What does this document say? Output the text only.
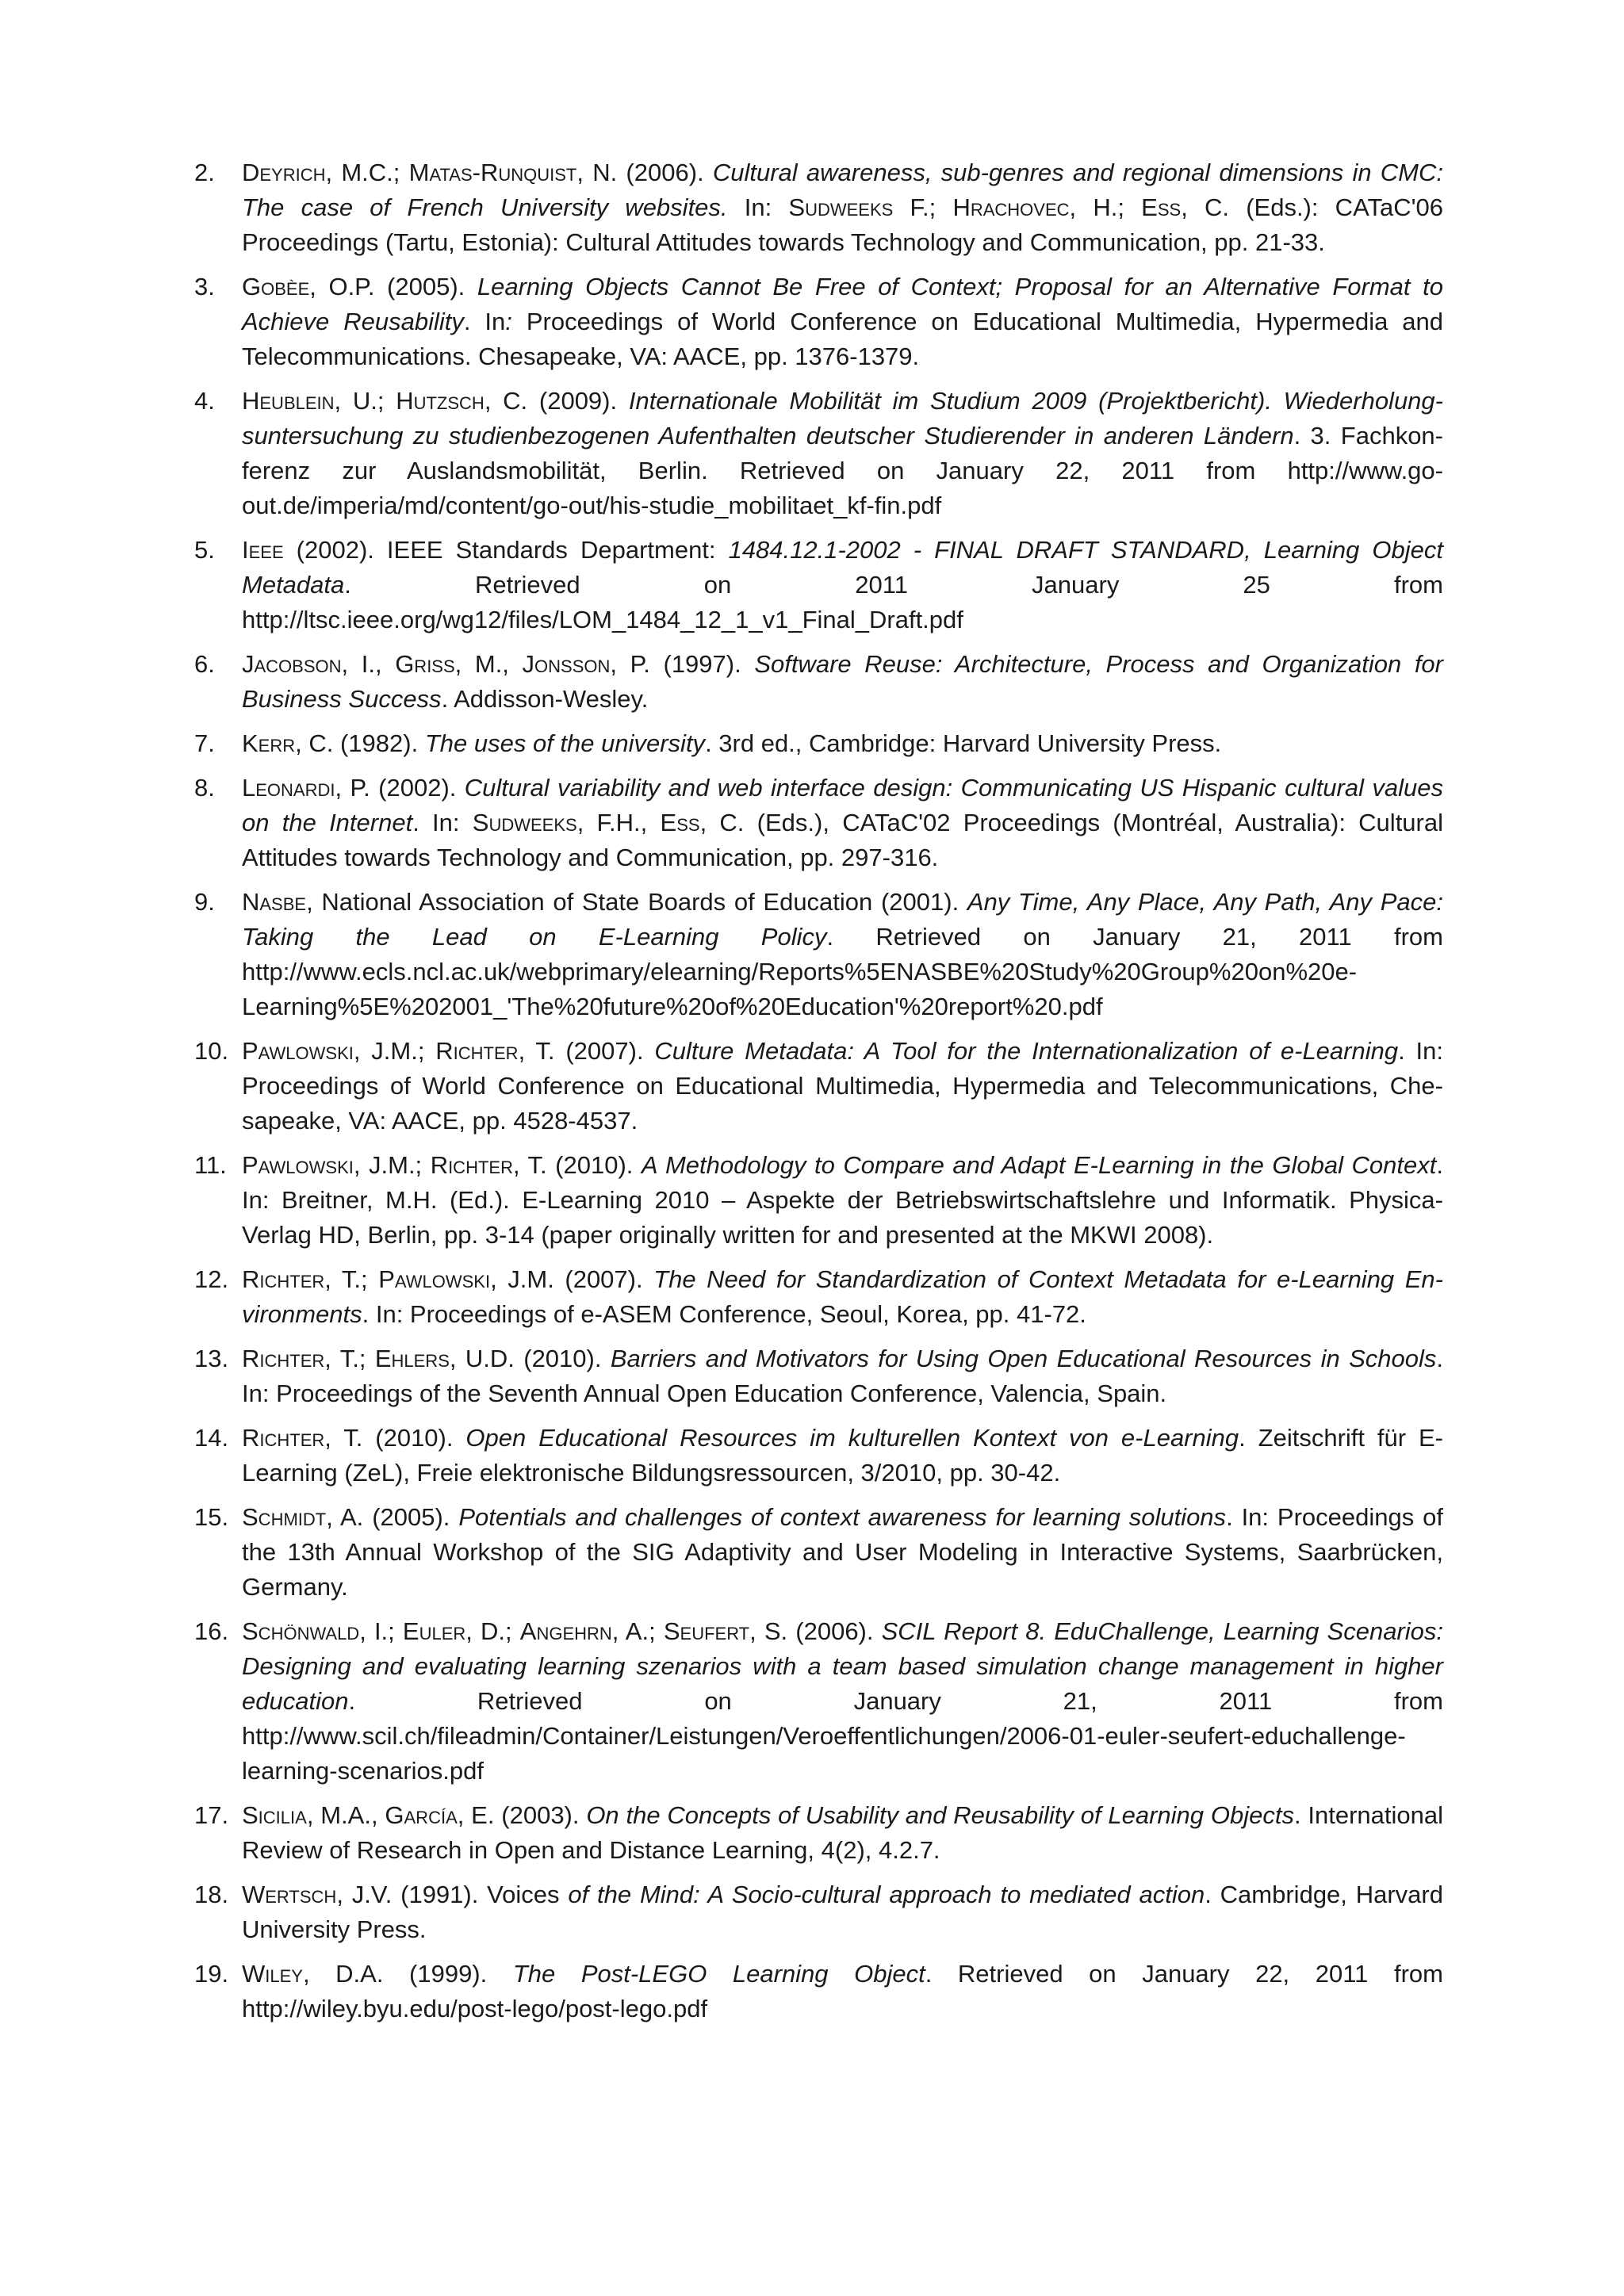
2.	Deyrich, M.C.; Matas-Runquist, N. (2006). Cultural awareness, sub-genres and regional dimensions in CMC: The case of French University websites. In: Sudweeks F.; Hrachovec, H.; Ess, C. (Eds.): CATaC'06 Proceedings (Tartu, Estonia): Cultural Attitudes towards Technology and Communication, pp. 21-33.
3.	Gobèe, O.P. (2005). Learning Objects Cannot Be Free of Context; Proposal for an Alternative Format to Achieve Reusability. In: Proceedings of World Conference on Educational Multimedia, Hypermedia and Telecommunications. Chesapeake, VA: AACE, pp. 1376-1379.
4.	Heublein, U.; Hutzsch, C. (2009). Internationale Mobilität im Studium 2009 (Projektbericht). Wiederholungsuntersuchung zu studienbezogenen Aufenthalten deutscher Studierender in anderen Ländern. 3. Fachkonferenz zur Auslandsmobilität, Berlin. Retrieved on January 22, 2011 from http://www.go-out.de/imperia/md/content/go-out/his-studie_mobilitaet_kf-fin.pdf
5.	Ieee (2002). IEEE Standards Department: 1484.12.1-2002 - FINAL DRAFT STANDARD, Learning Object Metadata. Retrieved on 2011 January 25 from http://ltsc.ieee.org/wg12/files/LOM_1484_12_1_v1_Final_Draft.pdf
6.	Jacobson, I., Griss, M., Jonsson, P. (1997). Software Reuse: Architecture, Process and Organization for Business Success. Addisson-Wesley.
7.	Kerr, C. (1982). The uses of the university. 3rd ed., Cambridge: Harvard University Press.
8.	Leonardi, P. (2002). Cultural variability and web interface design: Communicating US Hispanic cultural values on the Internet. In: Sudweeks, F.H., Ess, C. (Eds.), CATaC'02 Proceedings (Montréal, Australia): Cultural Attitudes towards Technology and Communication, pp. 297-316.
9.	Nasbe, National Association of State Boards of Education (2001). Any Time, Any Place, Any Path, Any Pace: Taking the Lead on E-Learning Policy. Retrieved on January 21, 2011 from http://www.ecls.ncl.ac.uk/webprimary/elearning/Reports%5ENASBE%20Study%20Group%20on%20e-Learning%5E%202001_'The%20future%20of%20Education'%20report%20.pdf
10. Pawlowski, J.M.; Richter, T. (2007). Culture Metadata: A Tool for the Internationalization of e-Learning. In: Proceedings of World Conference on Educational Multimedia, Hypermedia and Telecommunications, Chesapeake, VA: AACE, pp. 4528-4537.
11. Pawlowski, J.M.; Richter, T. (2010). A Methodology to Compare and Adapt E-Learning in the Global Context. In: Breitner, M.H. (Ed.). E-Learning 2010 – Aspekte der Betriebswirtschaftslehre und Informatik. Physica-Verlag HD, Berlin, pp. 3-14 (paper originally written for and presented at the MKWI 2008).
12. Richter, T.; Pawlowski, J.M. (2007). The Need for Standardization of Context Metadata for e-Learning Environments. In: Proceedings of e-ASEM Conference, Seoul, Korea, pp. 41-72.
13. Richter, T.; Ehlers, U.D. (2010). Barriers and Motivators for Using Open Educational Resources in Schools. In: Proceedings of the Seventh Annual Open Education Conference, Valencia, Spain.
14. Richter, T. (2010). Open Educational Resources im kulturellen Kontext von e-Learning. Zeitschrift für E-Learning (ZeL), Freie elektronische Bildungsressourcen, 3/2010, pp. 30-42.
15. Schmidt, A. (2005). Potentials and challenges of context awareness for learning solutions. In: Proceedings of the 13th Annual Workshop of the SIG Adaptivity and User Modeling in Interactive Systems, Saarbrücken, Germany.
16. Schönwald, I.; Euler, D.; Angehrn, A.; Seufert, S. (2006). SCIL Report 8. EduChallenge, Learning Scenarios: Designing and evaluating learning szenarios with a team based simulation change management in higher education. Retrieved on January 21, 2011 from http://www.scil.ch/fileadmin/Container/Leistungen/Veroeffentlichungen/2006-01-euler-seufert-educhallenge-learning-scenarios.pdf
17. Sicilia, M.A., García, E. (2003). On the Concepts of Usability and Reusability of Learning Objects. International Review of Research in Open and Distance Learning, 4(2), 4.2.7.
18. Wertsch, J.V. (1991). Voices of the Mind: A Socio-cultural approach to mediated action. Cambridge, Harvard University Press.
19. Wiley, D.A. (1999). The Post-LEGO Learning Object. Retrieved on January 22, 2011 from http://wiley.byu.edu/post-lego/post-lego.pdf
